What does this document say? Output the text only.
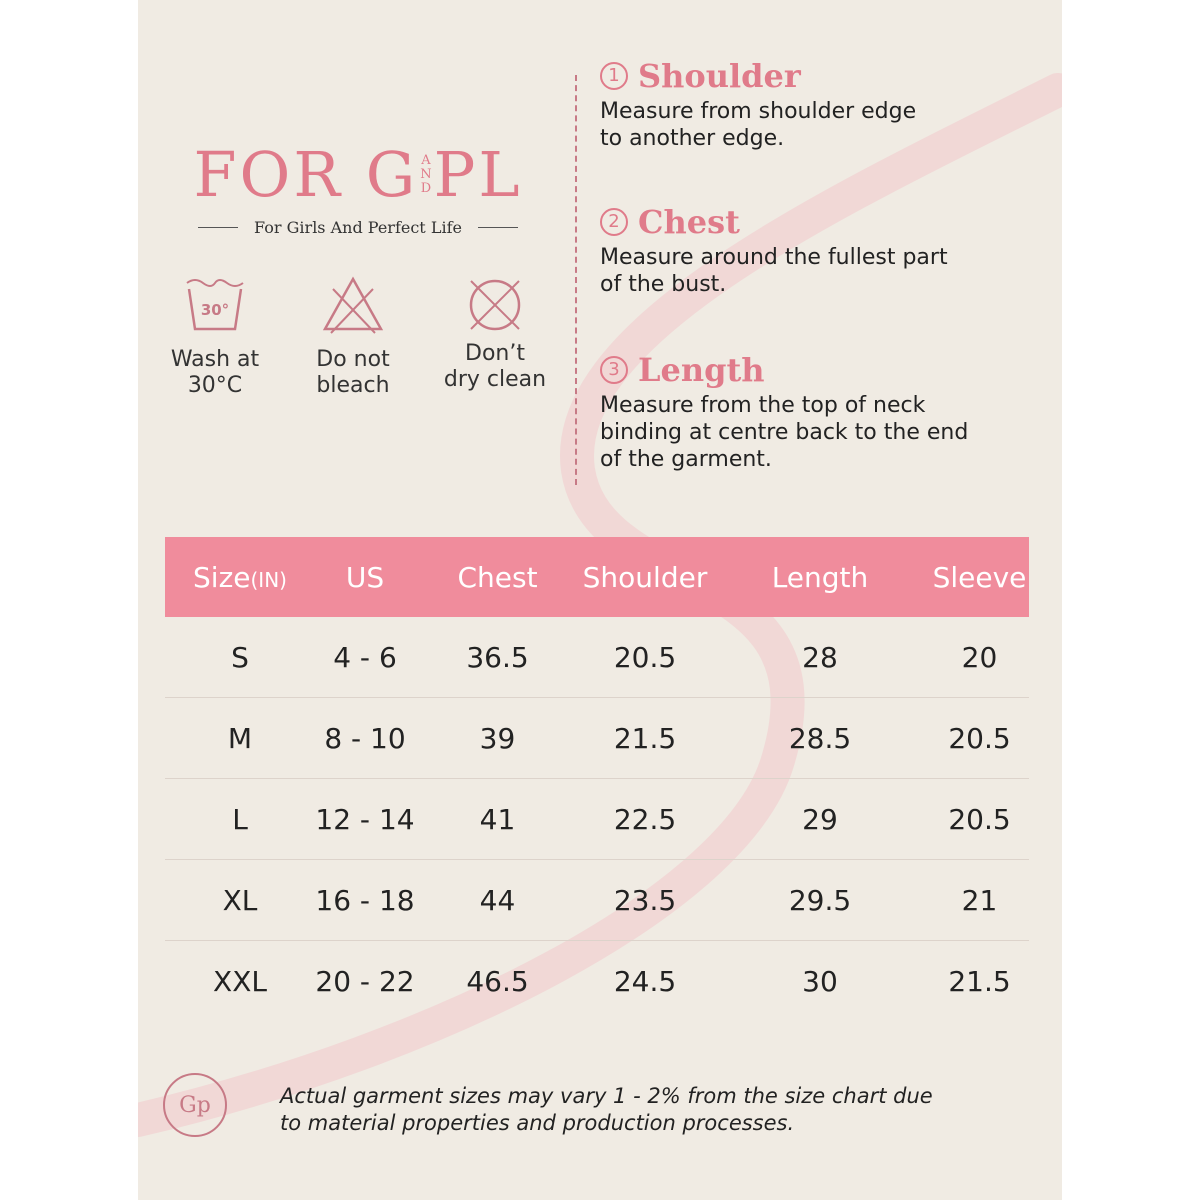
FOR G A
N
D PL
For Girls And Perfect Life
30°
Wash at
30°C
Do not
bleach
Don’t
dry clean
1 Shoulder
Measure from shoulder edge
to another edge.
2 Chest
Measure around the fullest part
of the bust.
3 Length
Measure from the top of neck
binding at centre back to the end
of the garment.
Size(IN)	US	Chest	Shoulder	Length	Sleeve
S	4 - 6	36.5	20.5	28	20
M	8 - 10	39	21.5	28.5	20.5
L	12 - 14	41	22.5	29	20.5
XL	16 - 18	44	23.5	29.5	21
XXL	20 - 22	46.5	24.5	30	21.5
Gp	Actual garment sizes may vary 1 - 2% from the size chart due
to material properties and production processes.
